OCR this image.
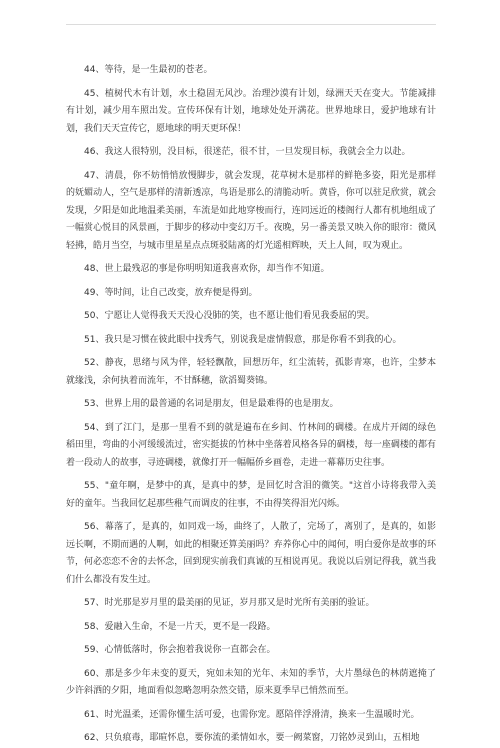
44、等待，是一生最初的苍老。

45、植树代木有计划，水土稳固无风沙。治理沙漠有计划，绿洲天天在变大。节能减排有计划，减少用车照出发。宣传环保有计划，地球处处开满花。世界地球日，爱护地球有计划，我们天天宣传它，愿地球的明天更环保！

46、我这人很特别，没目标，很迷茫，很不甘，一旦发现目标，我就会全力以赴。

47、清晨，你不妨悄悄放慢脚步，就会发现，花草树木是那样的鲜艳多姿，阳光是那样的妩媚动人，空气是那样的清新透凉，鸟语是那么的清脆动听。黄昏，你可以驻足欣赏，就会发现，夕阳是如此地温柔美丽，车流是如此地穿梭而行，连同远近的楼阁行人都有机地组成了一幅赏心悦目的风景画，于脚步的移动中变幻万千。夜晚，另一番美景又映入你的眼帘：微风轻拂，皓月当空，与城市里星星点点斑驳陆离的灯光遥相辉映，天上人间，叹为观止。

48、世上最残忍的事是你明明知道我喜欢你，却当作不知道。

49、等时间，让自己改变，放弃便是得到。

50、宁愿让人觉得我天天没心没肺的笑，也不愿让他们看见我委屈的哭。

51、我只是习惯在彼此眼中找秀气，别说我是虚情假意，那是你看不到我的心。

52、静夜，思绪与风为伴，轻轻飘散，回想历年，红尘流转，孤影青寒，也许，尘梦本就缘浅，余何执着而流年，不甘酥穗，欲滔蜀葵锦。

53、世界上用的最普通的名词是朋友，但是最难得的也是朋友。

54、到了江门，是那一里看不到的就是遍布在乡间、竹林间的碉楼。在成片开阔的绿色稻田里，弯曲的小河缓缓流过，密实挺拔的竹林中坐落着风格各异的碉楼，每一座碉楼的都有着一段动人的故事，寻迹碉楼，就像打开一幅幅侨乡画卷，走进一幕幕历史往事。

55、"童年啊，是梦中的真，是真中的梦，是回忆时含泪的微笑。"这首小诗将我带入美好的童年。当我回忆起那些稚气而调皮的往事，不由得笑得泪光闪烁。

56、幕落了，是真的，如同戏一场，曲终了，人散了，完场了，离别了，是真的，如影远长啊，不期而遇的人啊，如此的相聚还算美丽吗？弃养你心中的闻何，明白爱你是故事的环节，何必恋恋不舍的去怀念，回到现实前我们真诚的互相说再见。我说以后别记得我，就当我们什么都没有发生过。

57、时光那是岁月里的最美丽的见证，岁月那又是时光所有美丽的验证。

58、爱融入生命，不是一片天，更不是一段路。

59、心情低落时，你会抱着我说你一直都会在。

60、那是多少年未变的夏天，宛如未知的光年、未知的季节，大片墨绿色的林荫遮掩了少许斜洒的夕阳，地面看似忽略忽明杂然交错，原来夏季早已悄然而至。

61、时光温柔，还需你懂生活可爱，也需你宠。愿陪伴浮滑清，换来一生温暖时光。

62、只负痕毒，耶暄怀息，要你流的柔情如水，要一阙菜窗，刀铭妙灵到山，五相地
